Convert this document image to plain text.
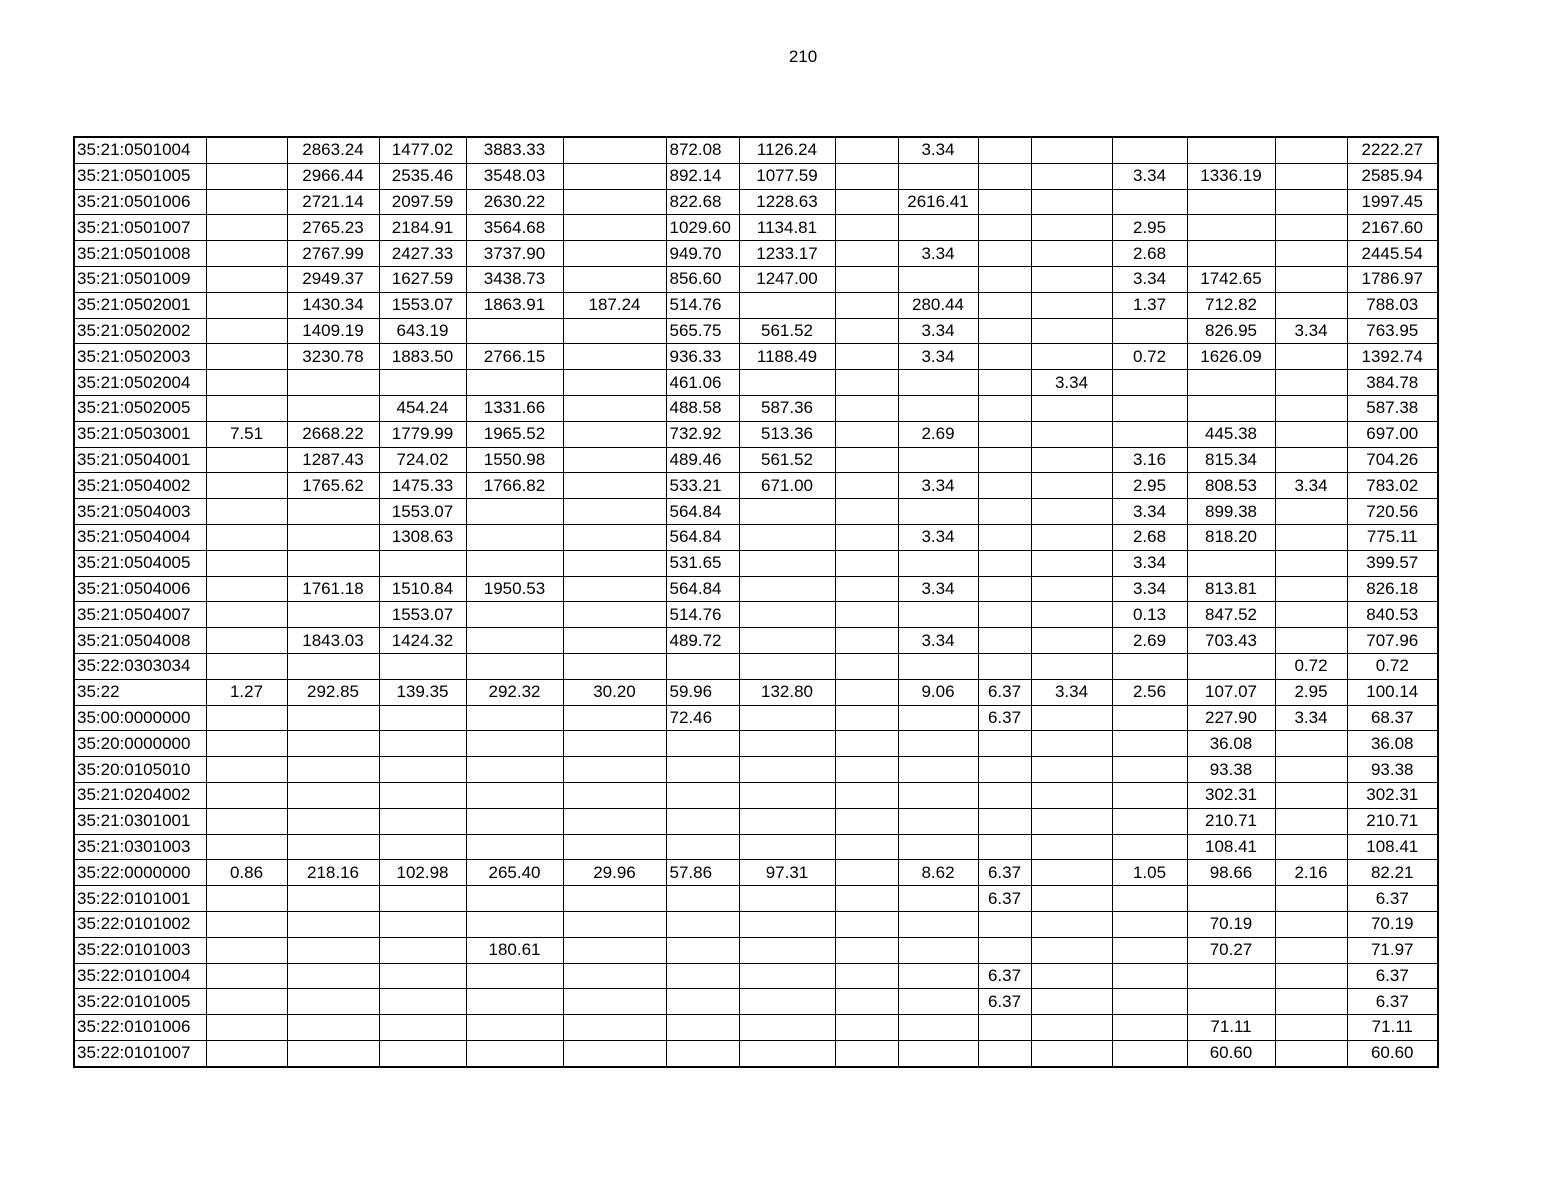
210
35:21:0501004		2863.24	1477.02	3883.33		872.08	1126.24		3.34						2222.27
35:21:0501005		2966.44	2535.46	3548.03		892.14	1077.59					3.34	1336.19		2585.94
35:21:0501006		2721.14	2097.59	2630.22		822.68	1228.63		2616.41						1997.45
35:21:0501007		2765.23	2184.91	3564.68		1029.60	1134.81					2.95			2167.60
35:21:0501008		2767.99	2427.33	3737.90		949.70	1233.17		3.34			2.68			2445.54
35:21:0501009		2949.37	1627.59	3438.73		856.60	1247.00					3.34	1742.65		1786.97
35:21:0502001		1430.34	1553.07	1863.91	187.24	514.76			280.44			1.37	712.82		788.03
35:21:0502002		1409.19	643.19			565.75	561.52		3.34				826.95	3.34	763.95
35:21:0502003		3230.78	1883.50	2766.15		936.33	1188.49		3.34			0.72	1626.09		1392.74
35:21:0502004						461.06					3.34				384.78
35:21:0502005			454.24	1331.66		488.58	587.36								587.38
35:21:0503001	7.51	2668.22	1779.99	1965.52		732.92	513.36		2.69				445.38		697.00
35:21:0504001		1287.43	724.02	1550.98		489.46	561.52					3.16	815.34		704.26
35:21:0504002		1765.62	1475.33	1766.82		533.21	671.00		3.34			2.95	808.53	3.34	783.02
35:21:0504003			1553.07			564.84						3.34	899.38		720.56
35:21:0504004			1308.63			564.84			3.34			2.68	818.20		775.11
35:21:0504005						531.65						3.34			399.57
35:21:0504006		1761.18	1510.84	1950.53		564.84			3.34			3.34	813.81		826.18
35:21:0504007			1553.07			514.76						0.13	847.52		840.53
35:21:0504008		1843.03	1424.32			489.72			3.34			2.69	703.43		707.96
35:22:0303034														0.72	0.72
35:22	1.27	292.85	139.35	292.32	30.20	59.96	132.80		9.06	6.37	3.34	2.56	107.07	2.95	100.14
35:00:0000000						72.46				6.37			227.90	3.34	68.37
35:20:0000000													36.08		36.08
35:20:0105010													93.38		93.38
35:21:0204002													302.31		302.31
35:21:0301001													210.71		210.71
35:21:0301003													108.41		108.41
35:22:0000000	0.86	218.16	102.98	265.40	29.96	57.86	97.31		8.62	6.37		1.05	98.66	2.16	82.21
35:22:0101001										6.37					6.37
35:22:0101002													70.19		70.19
35:22:0101003				180.61									70.27		71.97
35:22:0101004										6.37					6.37
35:22:0101005										6.37					6.37
35:22:0101006													71.11		71.11
35:22:0101007													60.60		60.60
